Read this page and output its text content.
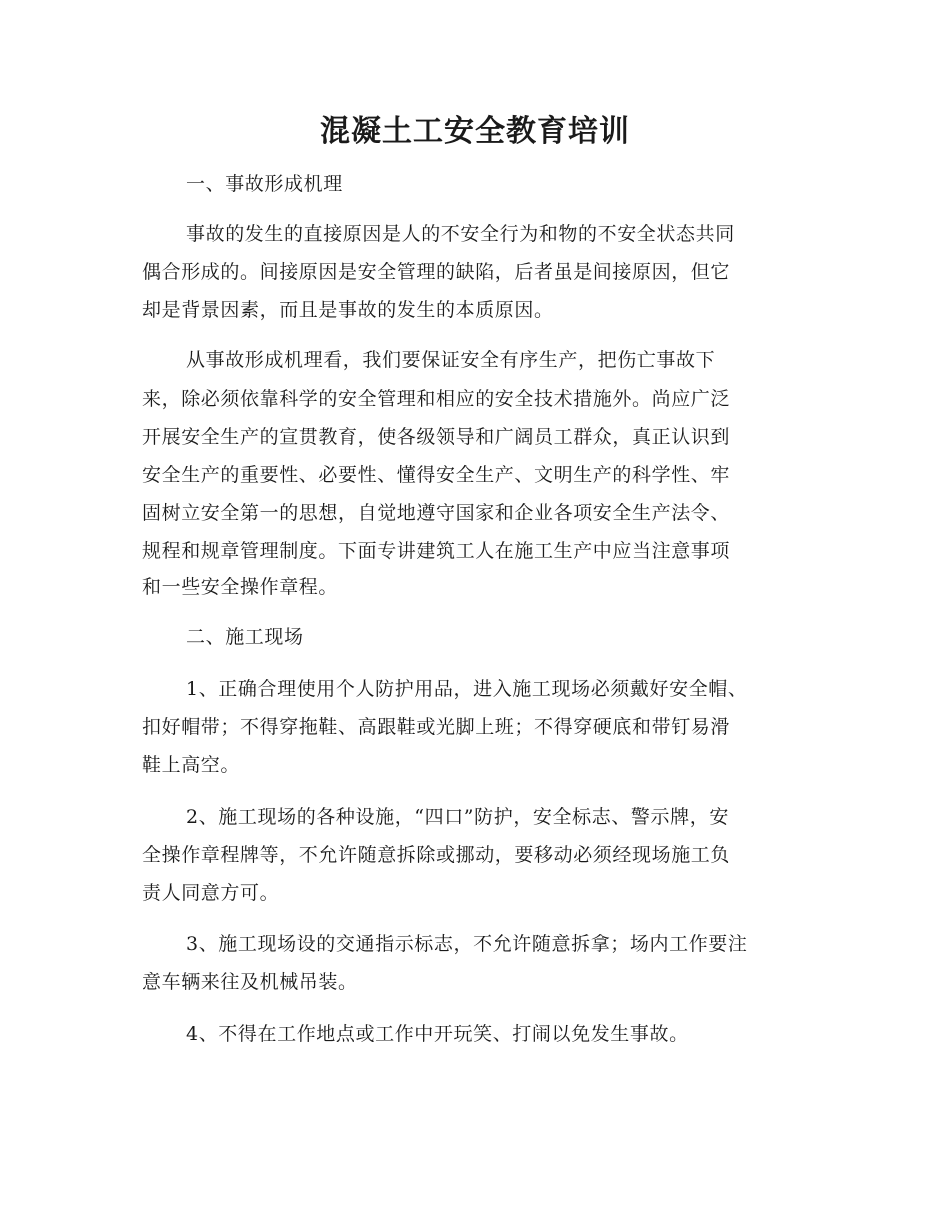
混凝土工安全教育培训
一、事故形成机理
事故的发生的直接原因是人的不安全行为和物的不安全状态共同
偶合形成的。间接原因是安全管理的缺陷，后者虽是间接原因，但它
却是背景因素，而且是事故的发生的本质原因。
从事故形成机理看，我们要保证安全有序生产，把伤亡事故下
来，除必须依靠科学的安全管理和相应的安全技术措施外。尚应广泛
开展安全生产的宣贯教育，使各级领导和广阔员工群众，真正认识到
安全生产的重要性、必要性、懂得安全生产、文明生产的科学性、牢
固树立安全第一的思想，自觉地遵守国家和企业各项安全生产法令、
规程和规章管理制度。下面专讲建筑工人在施工生产中应当注意事项
和一些安全操作章程。
二、施工现场
1、正确合理使用个人防护用品，进入施工现场必须戴好安全帽、
扣好帽带；不得穿拖鞋、高跟鞋或光脚上班；不得穿硬底和带钉易滑
鞋上高空。
2、施工现场的各种设施，“四口”防护，安全标志、警示牌，安
全操作章程牌等，不允许随意拆除或挪动，要移动必须经现场施工负
责人同意方可。
3、施工现场设的交通指示标志，不允许随意拆拿；场内工作要注
意车辆来往及机械吊装。
4、不得在工作地点或工作中开玩笑、打闹以免发生事故。
